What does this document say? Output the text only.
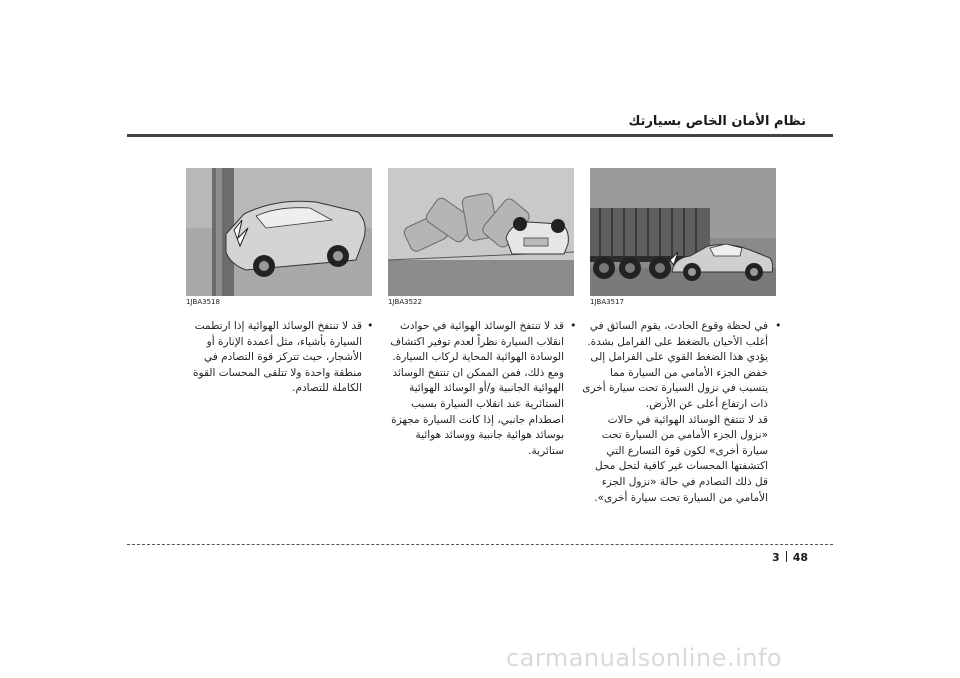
نظام الأمان الخاص بسيارتك
1JBA3517
1JBA3522
1JBA3518
•
في لحظة وقوع الحادث، يقوم السائق في
أغلب الأحيان بالضغط على الفرامل بشدة.
يؤدي هذا الضغط القوي على الفرامل إلى
خفض الجزء الأمامي من السيارة مما
يتسبب في نزول السيارة تحت سيارة أخرى
ذات ارتفاع أعلى عن الأرض.
قد لا تنتفخ الوسائد الهوائية في حالات
«نزول الجزء الأمامي من السيارة تحت
سيارة أخرى» لكون قوة التسارع التي
اكتشفتها المحسات غير كافية لتحل محل
قل ذلك التصادم في حالة «نزول الجزء
الأمامي من السيارة تحت سيارة أخرى».
•
قد لا تنتفخ الوسائد الهوائية في حوادث
انقلاب السيارة نظراً لعدم توفير اكتشاف
الوسادة الهوائية المحاية لركاب السيارة.
ومع ذلك، فمن الممكن ان تنتفخ الوسائد
الهوائية الجانبية و/أو الوسائد الهوائية
الستائرية عند انقلاب السيارة بسبب
اصطدام جانبي، إذا كانت السيارة مجهزة
بوسائد هوائية جانبية ووسائد هوائية
ستائرية.
•
قد لا تنتفخ الوسائد الهوائية إذا ارتطمت
السيارة بأشياء، مثل أعمدة الإنارة أو
الأشجار، حيث تتركز قوة التصادم في
منطقة واحدة ولا تتلقى المحسات القوة
الكاملة للتصادم.
3 48
carmanualsonline.info
